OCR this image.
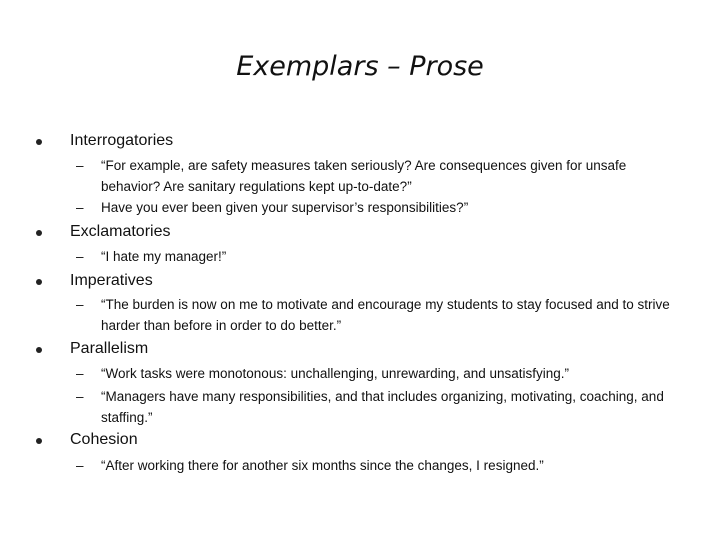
Exemplars – Prose
Interrogatories
–	“For example, are safety measures taken seriously? Are consequences given for unsafe behavior? Are sanitary regulations kept up-to-date?”
–	Have you ever been given your supervisor’s responsibilities?”
Exclamatories
–	“I hate my manager!”
Imperatives
–	“The burden is now on me to motivate and encourage my students to stay focused and to strive harder than before in order to do better.”
Parallelism
–	“Work tasks were monotonous: unchallenging, unrewarding, and unsatisfying.”
–	“Managers have many responsibilities, and that includes organizing, motivating, coaching, and staffing.”
Cohesion
–	“After working there for another six months since the changes, I resigned.”
